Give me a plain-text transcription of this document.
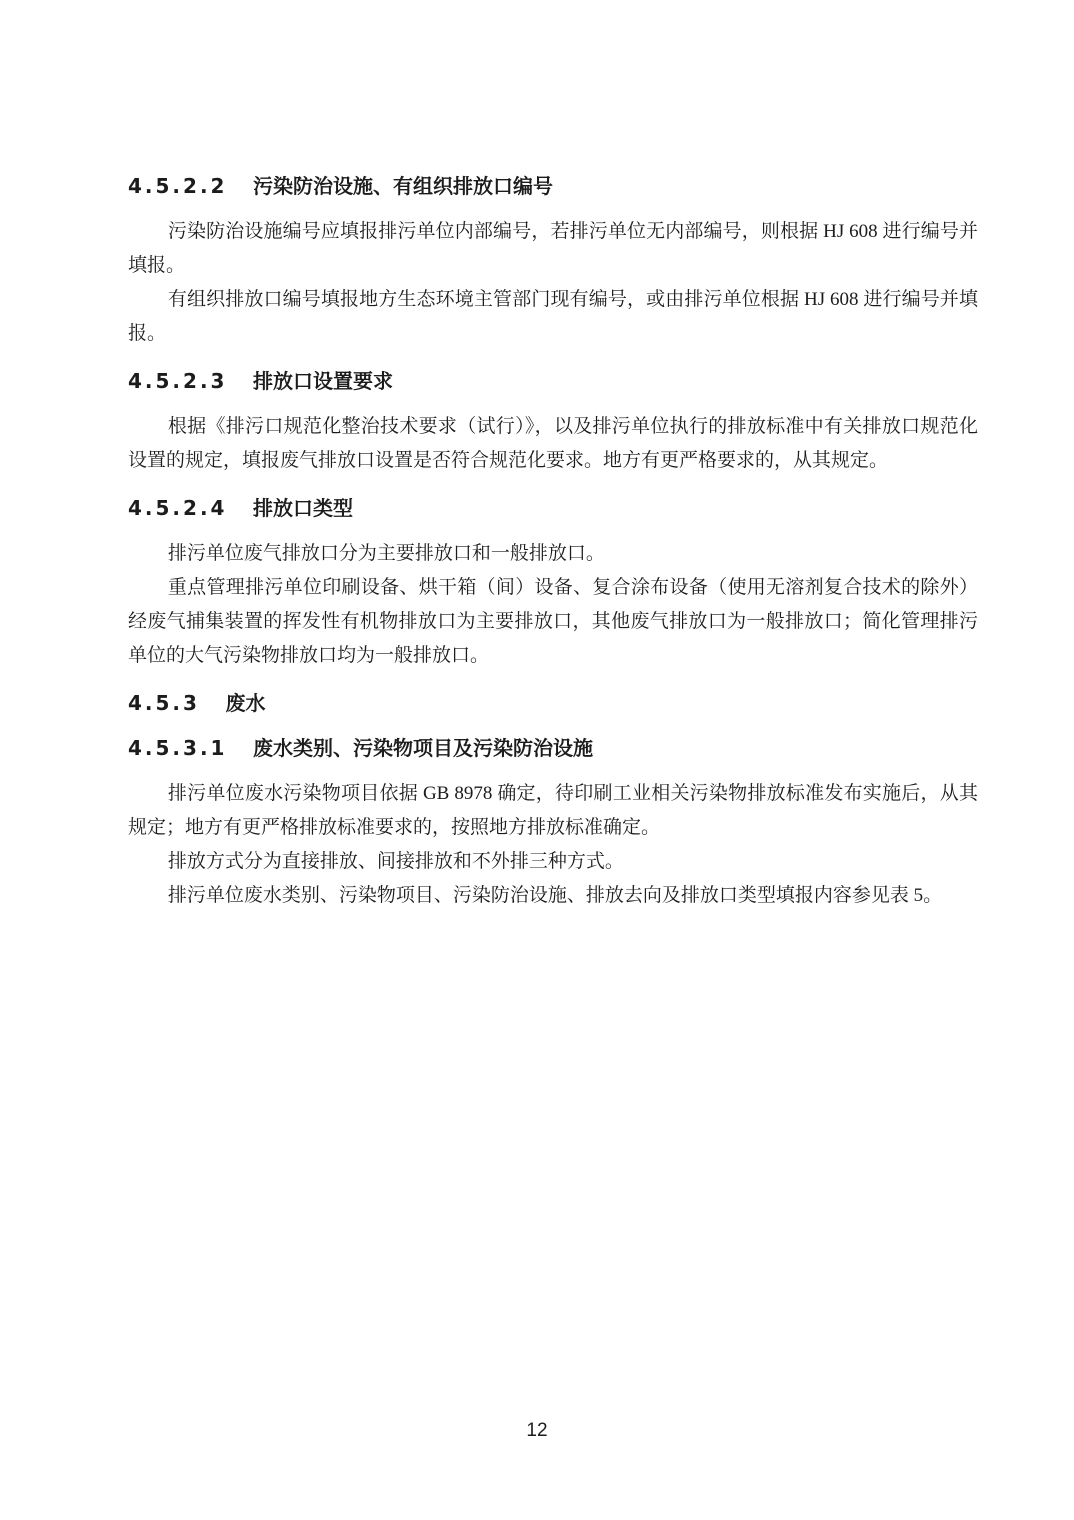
4.5.2.2 污染防治设施、有组织排放口编号

污染防治设施编号应填报排污单位内部编号，若排污单位无内部编号，则根据 HJ 608 进行编号并填报。

有组织排放口编号填报地方生态环境主管部门现有编号，或由排污单位根据 HJ 608 进行编号并填报。

4.5.2.3 排放口设置要求

根据《排污口规范化整治技术要求（试行）》，以及排污单位执行的排放标准中有关排放口规范化设置的规定，填报废气排放口设置是否符合规范化要求。地方有更严格要求的，从其规定。

4.5.2.4 排放口类型

排污单位废气排放口分为主要排放口和一般排放口。

重点管理排污单位印刷设备、烘干箱（间）设备、复合涂布设备（使用无溶剂复合技术的除外）经废气捕集装置的挥发性有机物排放口为主要排放口，其他废气排放口为一般排放口；简化管理排污单位的大气污染物排放口均为一般排放口。

4.5.3 废水
4.5.3.1 废水类别、污染物项目及污染防治设施

排污单位废水污染物项目依据 GB 8978 确定，待印刷工业相关污染物排放标准发布实施后，从其规定；地方有更严格排放标准要求的，按照地方排放标准确定。

排放方式分为直接排放、间接排放和不外排三种方式。

排污单位废水类别、污染物项目、污染防治设施、排放去向及排放口类型填报内容参见表 5。

12
